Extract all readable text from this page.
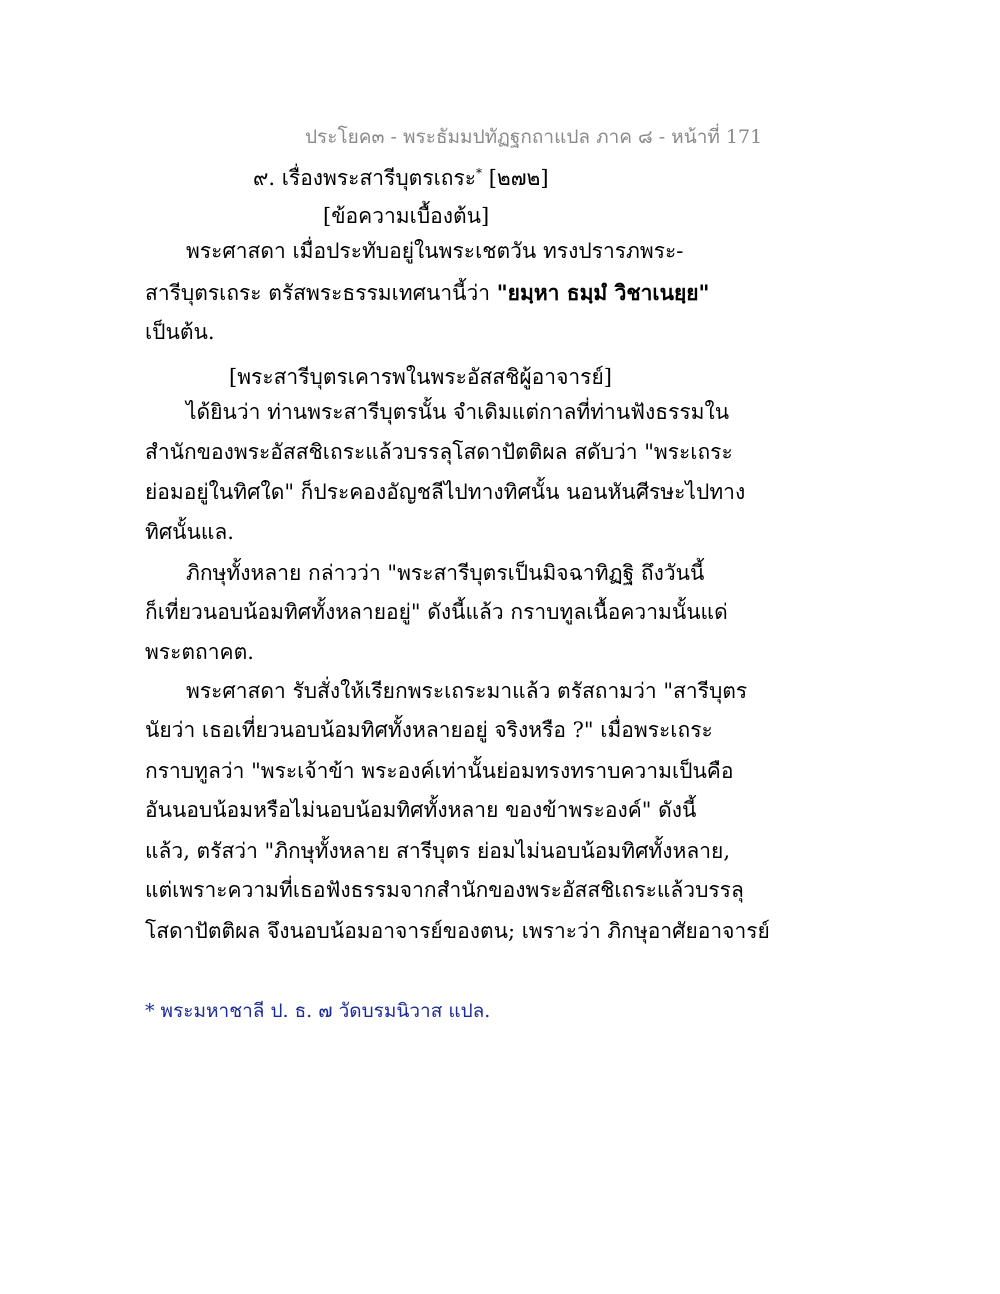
ประโยค๓ - พระธัมมปทัฏฐกถาแปล ภาค ๘ - หน้าที่ 171
๙. เรื่องพระสารีบุตรเถระ* [๒๗๒]
[ข้อความเบื้องต้น]
พระศาสดา เมื่อประทับอยู่ในพระเชตวัน ทรงปรารภพระ-
สารีบุตรเถระ ตรัสพระธรรมเทศนานี้ว่า "ยมฺหา ธมฺมํ วิชาเนยฺย"
เป็นต้น.
[พระสารีบุตรเคารพในพระอัสสชิผู้อาจารย์]
ได้ยินว่า ท่านพระสารีบุตรนั้น จำเดิมแต่กาลที่ท่านฟังธรรมใน
สำนักของพระอัสสชิเถระแล้วบรรลุโสดาปัตติผล สดับว่า "พระเถระ
ย่อมอยู่ในทิศใด" ก็ประคองอัญชลีไปทางทิศนั้น นอนหันศีรษะไปทาง
ทิศนั้นแล.
ภิกษุทั้งหลาย กล่าวว่า "พระสารีบุตรเป็นมิจฉาทิฏฐิ ถึงวันนี้
ก็เที่ยวนอบน้อมทิศทั้งหลายอยู่" ดังนี้แล้ว กราบทูลเนื้อความนั้นแด่
พระตถาคต.
พระศาสดา รับสั่งให้เรียกพระเถระมาแล้ว ตรัสถามว่า "สารีบุตร
นัยว่า เธอเที่ยวนอบน้อมทิศทั้งหลายอยู่ จริงหรือ ?" เมื่อพระเถระ
กราบทูลว่า "พระเจ้าข้า พระองค์เท่านั้นย่อมทรงทราบความเป็นคือ
อันนอบน้อมหรือไม่นอบน้อมทิศทั้งหลาย ของข้าพระองค์" ดังนี้
แล้ว, ตรัสว่า "ภิกษุทั้งหลาย สารีบุตร ย่อมไม่นอบน้อมทิศทั้งหลาย,
แต่เพราะความที่เธอฟังธรรมจากสำนักของพระอัสสชิเถระแล้วบรรลุ
โสดาปัตติผล จึงนอบน้อมอาจารย์ของตน; เพราะว่า ภิกษุอาศัยอาจารย์
* พระมหาชาลี ป. ธ. ๗ วัดบรมนิวาส แปล.
